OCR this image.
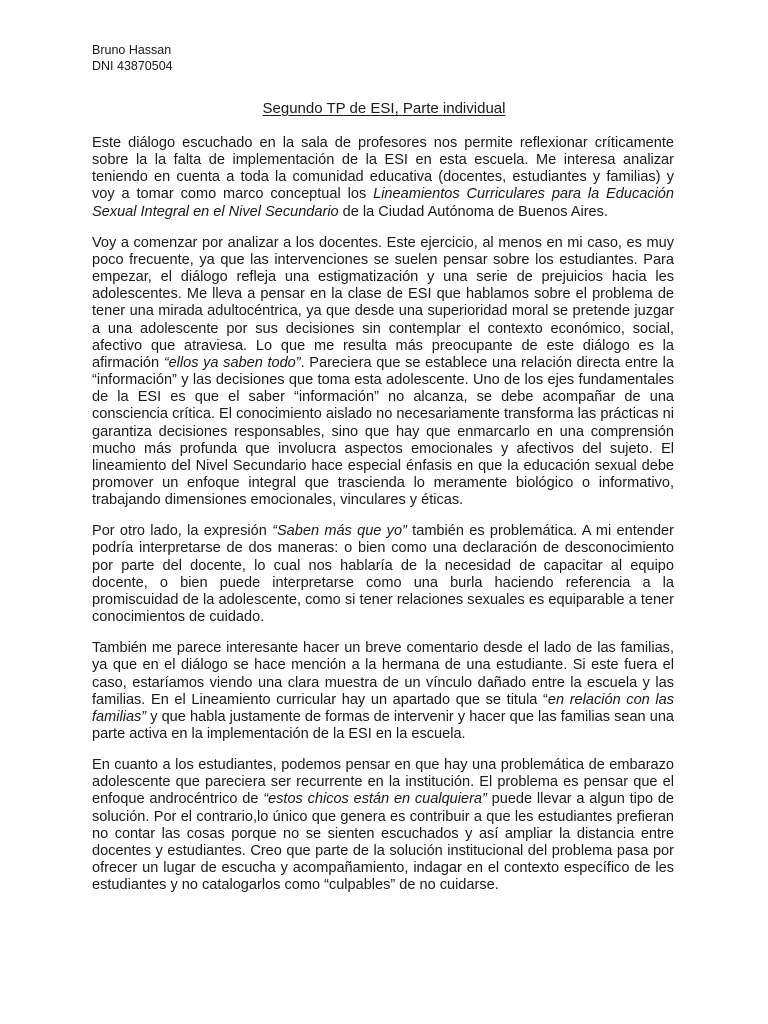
Bruno Hassan
DNI 43870504
Segundo TP de ESI, Parte individual

Este diálogo escuchado en la sala de profesores nos permite reflexionar críticamente sobre la la falta de implementación de la ESI en esta escuela. Me interesa analizar teniendo en cuenta a toda la comunidad educativa (docentes, estudiantes y familias) y voy a tomar como marco conceptual los Lineamientos Curriculares para la Educación Sexual Integral en el Nivel Secundario de la Ciudad Autónoma de Buenos Aires.

Voy a comenzar por analizar a los docentes. Este ejercicio, al menos en mi caso, es muy poco frecuente, ya que las intervenciones se suelen pensar sobre los estudiantes. Para empezar, el diálogo refleja una estigmatización y una serie de prejuicios hacia les adolescentes. Me lleva a pensar en la clase de ESI que hablamos sobre el problema de tener una mirada adultocéntrica, ya que desde una superioridad moral se pretende juzgar a una adolescente por sus decisiones sin contemplar el contexto económico, social, afectivo que atraviesa. Lo que me resulta más preocupante de este diálogo es la afirmación “ellos ya saben todo”. Pareciera que se establece una relación directa entre la “información” y las decisiones que toma esta adolescente. Uno de los ejes fundamentales de la ESI es que el saber “información” no alcanza, se debe acompañar de una consciencia crítica. El conocimiento aislado no necesariamente transforma las prácticas ni garantiza decisiones responsables, sino que hay que enmarcarlo en una comprensión mucho más profunda que involucra aspectos emocionales y afectivos del sujeto. El lineamiento del Nivel Secundario hace especial énfasis en que la educación sexual debe promover un enfoque integral que trascienda lo meramente biológico o informativo, trabajando dimensiones emocionales, vinculares y éticas.

Por otro lado, la expresión “Saben más que yo” también es problemática. A mi entender podría interpretarse de dos maneras: o bien como una declaración de desconocimiento por parte del docente, lo cual nos hablaría de la necesidad de capacitar al equipo docente, o bien puede interpretarse como una burla haciendo referencia a la promiscuidad de la adolescente, como si tener relaciones sexuales es equiparable a tener conocimientos de cuidado.

También me parece interesante hacer un breve comentario desde el lado de las familias, ya que en el diálogo se hace mención a la hermana de una estudiante. Si este fuera el caso, estaríamos viendo una clara muestra de un vínculo dañado entre la escuela y las familias. En el Lineamiento curricular hay un apartado que se titula “en relación con las familias” y que habla justamente de formas de intervenir y hacer que las familias sean una parte activa en la implementación de la ESI en la escuela.

En cuanto a los estudiantes, podemos pensar en que hay una problemática de embarazo adolescente que pareciera ser recurrente en la institución. El problema es pensar que el enfoque androcéntrico de “estos chicos están en cualquiera” puede llevar a algun tipo de solución. Por el contrario,lo único que genera es contribuir a que les estudiantes prefieran no contar las cosas porque no se sienten escuchados y así ampliar la distancia entre docentes y estudiantes. Creo que parte de la solución institucional del problema pasa por ofrecer un lugar de escucha y acompañamiento, indagar en el contexto específico de les estudiantes y no catalogarlos como “culpables” de no cuidarse.
